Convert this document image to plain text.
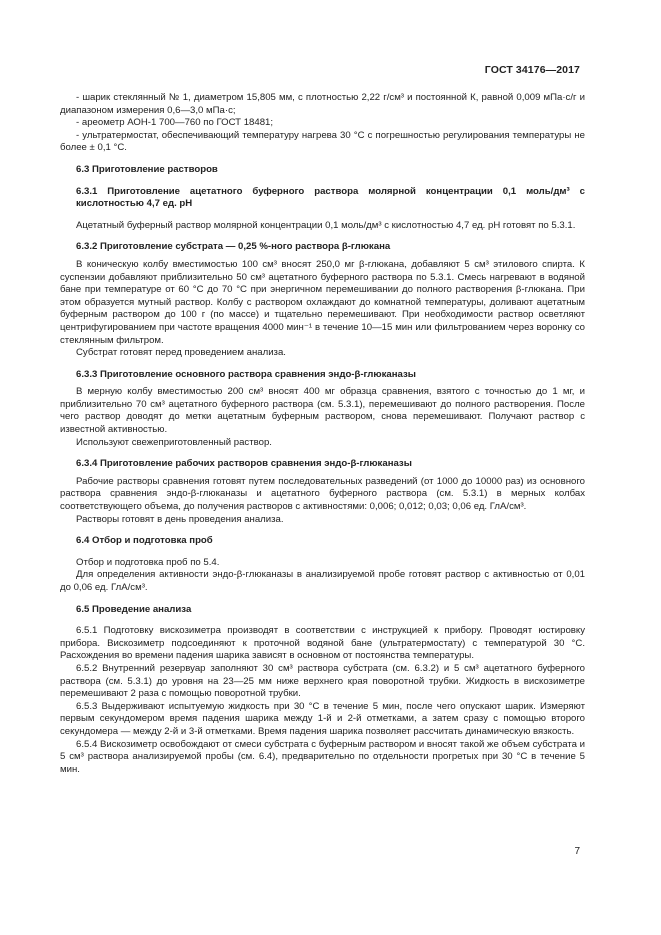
ГОСТ 34176—2017

- шарик стеклянный № 1, диаметром 15,805 мм, с плотностью 2,22 г/см³ и постоянной К, равной 0,009 мПа·с/г и диапазоном измерения 0,6—3,0 мПа·с;

- ареометр АОН-1 700—760 по ГОСТ 18481;

- ультратермостат, обеспечивающий температуру нагрева 30 °С с погрешностью регулирования температуры не более ± 0,1 °С.

6.3 Приготовление растворов
6.3.1 Приготовление ацетатного буферного раствора молярной концентрации 0,1 моль/дм³ с кислотностью 4,7 ед. рН

Ацетатный буферный раствор молярной концентрации 0,1 моль/дм³ с кислотностью 4,7 ед. рН готовят по 5.3.1.

6.3.2 Приготовление субстрата — 0,25 %-ного раствора β-глюкана

В коническую колбу вместимостью 100 см³ вносят 250,0 мг β-глюкана, добавляют 5 см³ этилового спирта. К суспензии добавляют приблизительно 50 см³ ацетатного буферного раствора по 5.3.1. Смесь нагревают в водяной бане при температуре от 60 °С до 70 °С при энергичном перемешивании до полного растворения β-глюкана. При этом образуется мутный раствор. Колбу с раствором охлаждают до комнатной температуры, доливают ацетатным буферным раствором до 100 г (по массе) и тщательно перемешивают. При необходимости раствор осветляют центрифугированием при частоте вращения 4000 мин⁻¹ в течение 10—15 мин или фильтрованием через воронку со стеклянным фильтром.

Субстрат готовят перед проведением анализа.

6.3.3 Приготовление основного раствора сравнения эндо-β-глюканазы

В мерную колбу вместимостью 200 см³ вносят 400 мг образца сравнения, взятого с точностью до 1 мг, и приблизительно 70 см³ ацетатного буферного раствора (см. 5.3.1), перемешивают до полного растворения. После чего раствор доводят до метки ацетатным буферным раствором, снова перемешивают. Получают раствор с известной активностью.

Используют свежеприготовленный раствор.

6.3.4 Приготовление рабочих растворов сравнения эндо-β-глюканазы

Рабочие растворы сравнения готовят путем последовательных разведений (от 1000 до 10000 раз) из основного раствора сравнения эндо-β-глюканазы и ацетатного буферного раствора (см. 5.3.1) в мерных колбах соответствующего объема, до получения растворов с активностями: 0,006; 0,012; 0,03; 0,06 ед. ГлА/см³.

Растворы готовят в день проведения анализа.

6.4 Отбор и подготовка проб

Отбор и подготовка проб по 5.4.

Для определения активности эндо-β-глюканазы в анализируемой пробе готовят раствор с активностью от 0,01 до 0,06 ед. ГлА/см³.

6.5 Проведение анализа

6.5.1 Подготовку вискозиметра производят в соответствии с инструкцией к прибору. Проводят юстировку прибора. Вискозиметр подсоединяют к проточной водяной бане (ультратермостату) с температурой 30 °С. Расхождения во времени падения шарика зависят в основном от постоянства температуры.

6.5.2 Внутренний резервуар заполняют 30 см³ раствора субстрата (см. 6.3.2) и 5 см³ ацетатного буферного раствора (см. 5.3.1) до уровня на 23—25 мм ниже верхнего края поворотной трубки. Жидкость в вискозиметре перемешивают 2 раза с помощью поворотной трубки.

6.5.3 Выдерживают испытуемую жидкость при 30 °С в течение 5 мин, после чего опускают шарик. Измеряют первым секундомером время падения шарика между 1-й и 2-й отметками, а затем сразу с помощью второго секундомера — между 2-й и 3-й отметками. Время падения шарика позволяет рассчитать динамическую вязкость.

6.5.4 Вискозиметр освобождают от смеси субстрата с буферным раствором и вносят такой же объем субстрата и 5 см³ раствора анализируемой пробы (см. 6.4), предварительно по отдельности прогретых при 30 °С в течение 5 мин.

7
